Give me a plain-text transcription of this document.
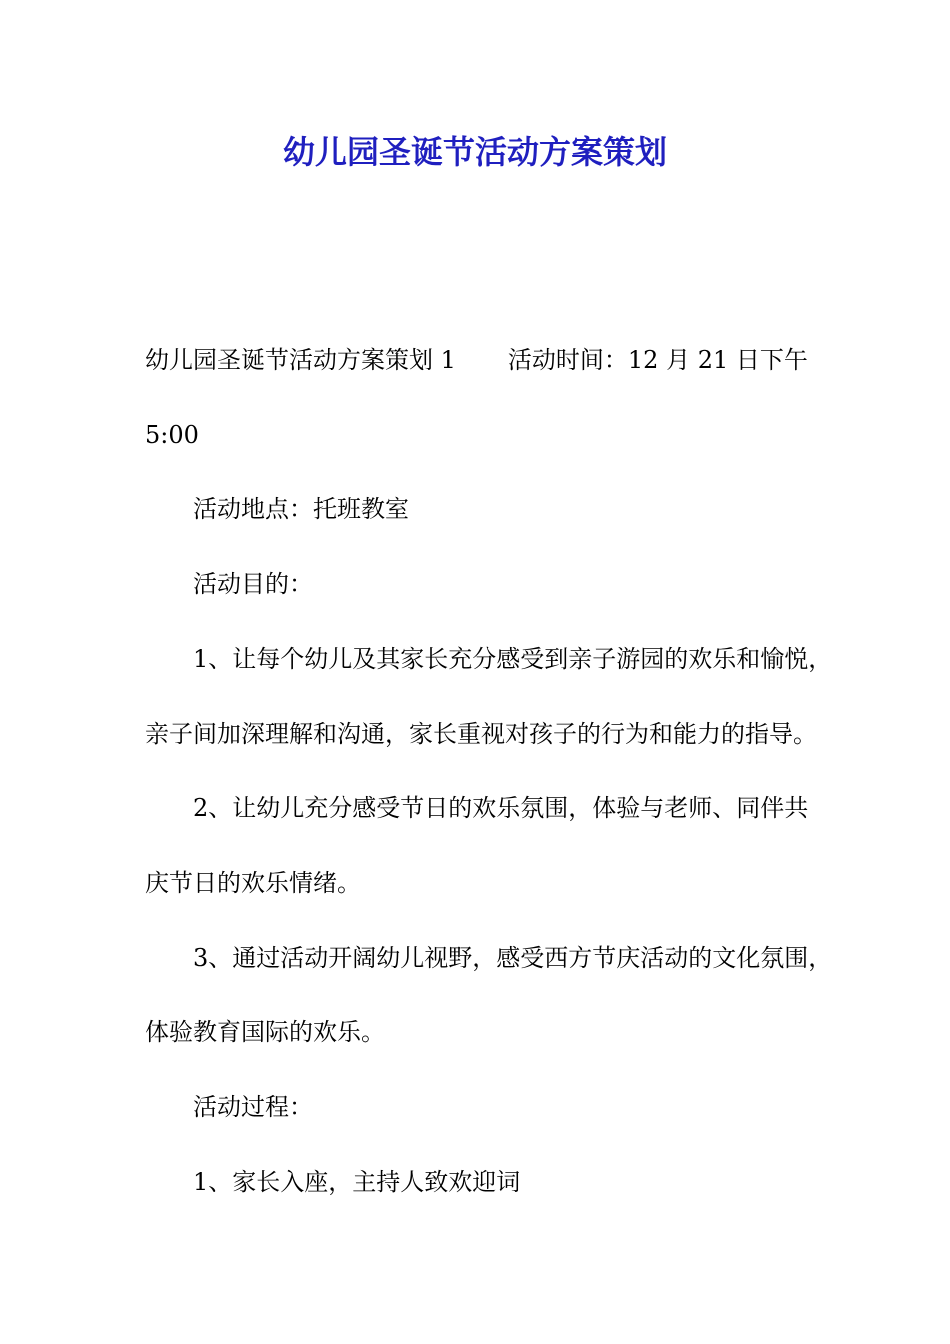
幼儿园圣诞节活动方案策划

幼儿园圣诞节活动方案策划 1 活动时间：12 月 21 日下午

5:00

活动地点：托班教室

活动目的：

1、让每个幼儿及其家长充分感受到亲子游园的欢乐和愉悦，

亲子间加深理解和沟通，家长重视对孩子的行为和能力的指导。

2、让幼儿充分感受节日的欢乐氛围，体验与老师、同伴共

庆节日的欢乐情绪。

3、通过活动开阔幼儿视野，感受西方节庆活动的文化氛围，

体验教育国际的欢乐。

活动过程：

1、家长入座，主持人致欢迎词
